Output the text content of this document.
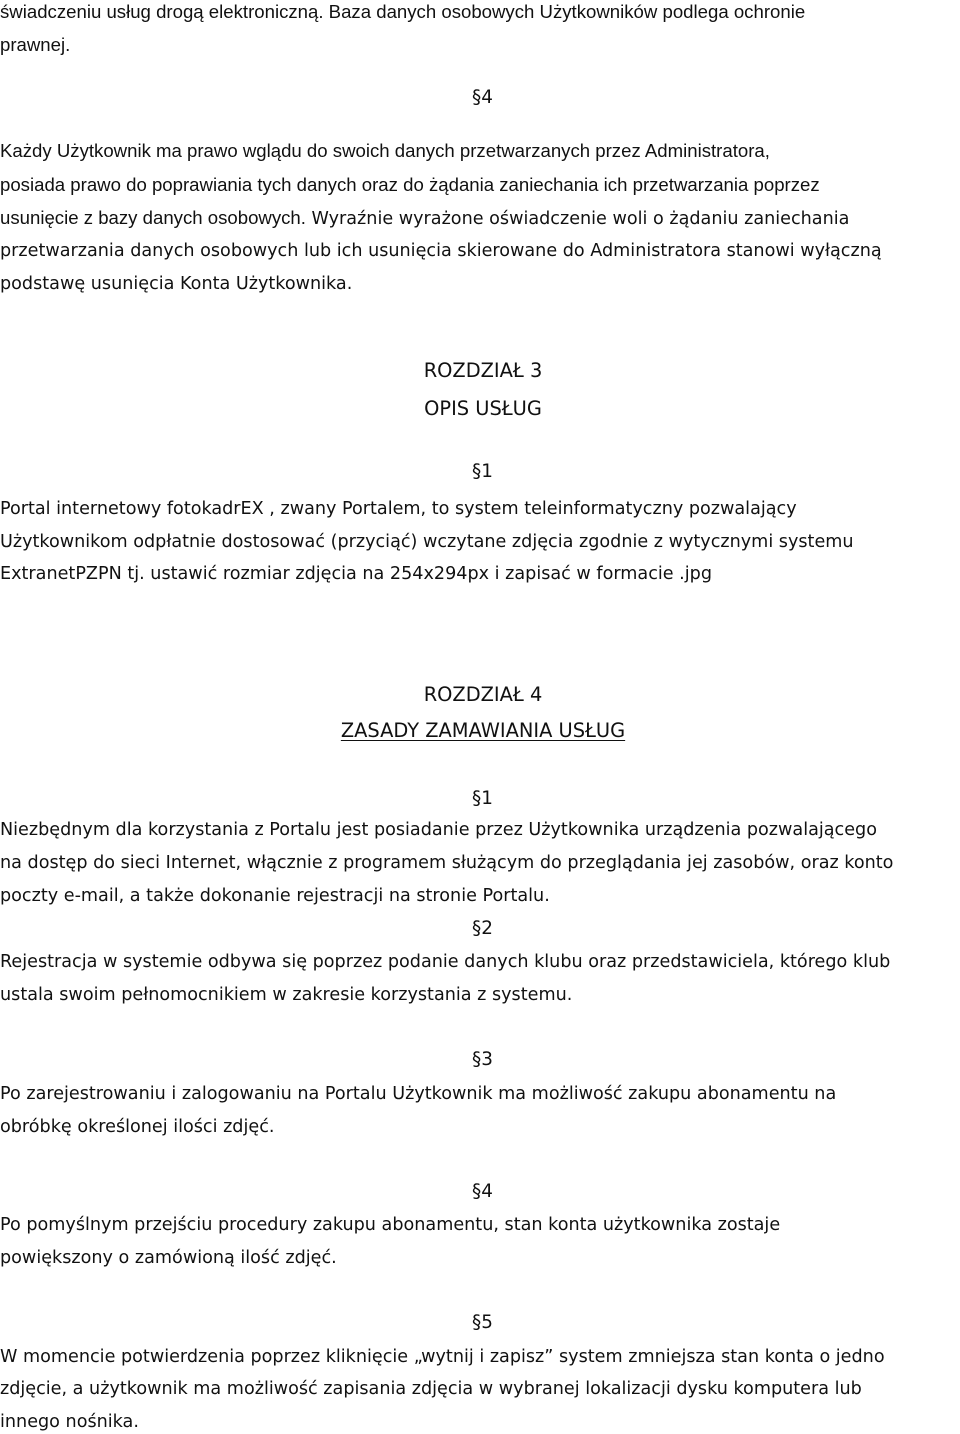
świadczeniu usług drogą elektroniczną. Baza danych osobowych Użytkowników podlega ochronie
prawnej.
§4
Każdy Użytkownik ma prawo wglądu do swoich danych przetwarzanych przez Administratora,
posiada prawo do poprawiania tych danych oraz do żądania zaniechania ich przetwarzania poprzez
usunięcie z bazy danych osobowych. Wyraźnie wyrażone oświadczenie woli o żądaniu zaniechania
przetwarzania danych osobowych lub ich usunięcia skierowane do Administratora stanowi wyłączną
podstawę usunięcia Konta Użytkownika.
ROZDZIAŁ 3
OPIS USŁUG
§1
Portal internetowy fotokadrEX , zwany Portalem, to system teleinformatyczny pozwalający
Użytkownikom odpłatnie dostosować (przyciąć) wczytane zdjęcia zgodnie z wytycznymi systemu
ExtranetPZPN tj. ustawić rozmiar zdjęcia na 254x294px i zapisać w formacie .jpg
ROZDZIAŁ 4
ZASADY ZAMAWIANIA USŁUG
§1
Niezbędnym dla korzystania z Portalu jest posiadanie przez Użytkownika urządzenia pozwalającego
na dostęp do sieci Internet, włącznie z programem służącym do przeglądania jej zasobów, oraz konto
poczty e-mail, a także dokonanie rejestracji na stronie Portalu.
§2
Rejestracja w systemie odbywa się poprzez podanie danych klubu oraz przedstawiciela, którego klub
ustala swoim pełnomocnikiem w zakresie korzystania z systemu.
§3
Po zarejestrowaniu i zalogowaniu na Portalu Użytkownik ma możliwość zakupu abonamentu na
obróbkę określonej ilości zdjęć.
§4
Po pomyślnym przejściu procedury zakupu abonamentu, stan konta użytkownika zostaje
powiększony o zamówioną ilość zdjęć.
§5
W momencie potwierdzenia poprzez kliknięcie „wytnij i zapisz” system zmniejsza stan konta o jedno
zdjęcie, a użytkownik ma możliwość zapisania zdjęcia w wybranej lokalizacji dysku komputera lub
innego nośnika.
